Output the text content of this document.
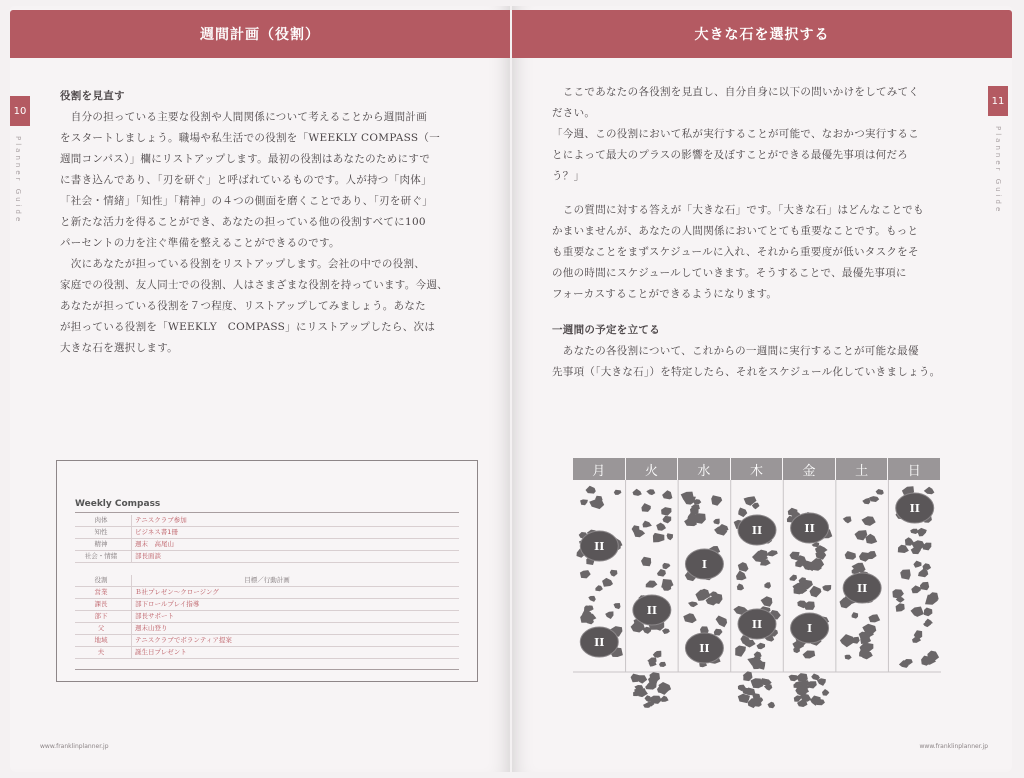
週間計画（役割）
10
Planner Guide

役割を見直す

　自分の担っている主要な役割や人間関係について考えることから週間計画

をスタートしましょう。職場や私生活での役割を「WEEKLY COMPASS（一

週間コンパス）」欄にリストアップします。最初の役割はあなたのためにすで

に書き込んであり、「刃を研ぐ」と呼ばれているものです。人が持つ「肉体」

「社会・情緒」「知性」「精神」の４つの側面を磨くことであり、「刃を研ぐ」

と新たな活力を得ることができ、あなたの担っている他の役割すべてに100

パーセントの力を注ぐ準備を整えることができるのです。

　次にあなたが担っている役割をリストアップします。会社の中での役割、

家庭での役割、友人同士での役割、人はさまざまな役割を持っています。今週、

あなたが担っている役割を７つ程度、リストアップしてみましょう。あなた

が担っている役割を「WEEKLY　COMPASS」にリストアップしたら、次は

大きな石を選択します。

Weekly Compass
肉体	テニスクラブ参加
知性	ビジネス書1冊
精神	週末　高尾山
社会・情緒	部長面談
役割	目標／行動計画
営業	Ｂ社プレゼン〜クロージング
課長	部下ロールプレイ指導
部下	部長サポート
父	週末山登り
地域	テニスクラブでボランティア提案
夫	誕生日プレゼント
www.franklinplanner.jp
大きな石を選択する
11
Planner Guide

　ここであなたの各役割を見直し、自分自身に以下の問いかけをしてみてく

ださい。

「今週、この役割において私が実行することが可能で、なおかつ実行するこ

とによって最大のプラスの影響を及ぼすことができる最優先事項は何だろ

う？」

　この質問に対する答えが「大きな石」です。「大きな石」はどんなことでも

かまいませんが、あなたの人間関係においてとても重要なことです。もっと

も重要なことをまずスケジュールに入れ、それから重要度が低いタスクをそ

の他の時間にスケジュールしていきます。そうすることで、最優先事項に

フォーカスすることができるようになります。

一週間の予定を立てる

　あなたの各役割について、これからの一週間に実行することが可能な最優

先事項（「大きな石」）を特定したら、それをスケジュール化していきましょう。

月	火	水	木	金	土	日
II
II
II
I
II
II
II
I
II
II
II
www.franklinplanner.jp
